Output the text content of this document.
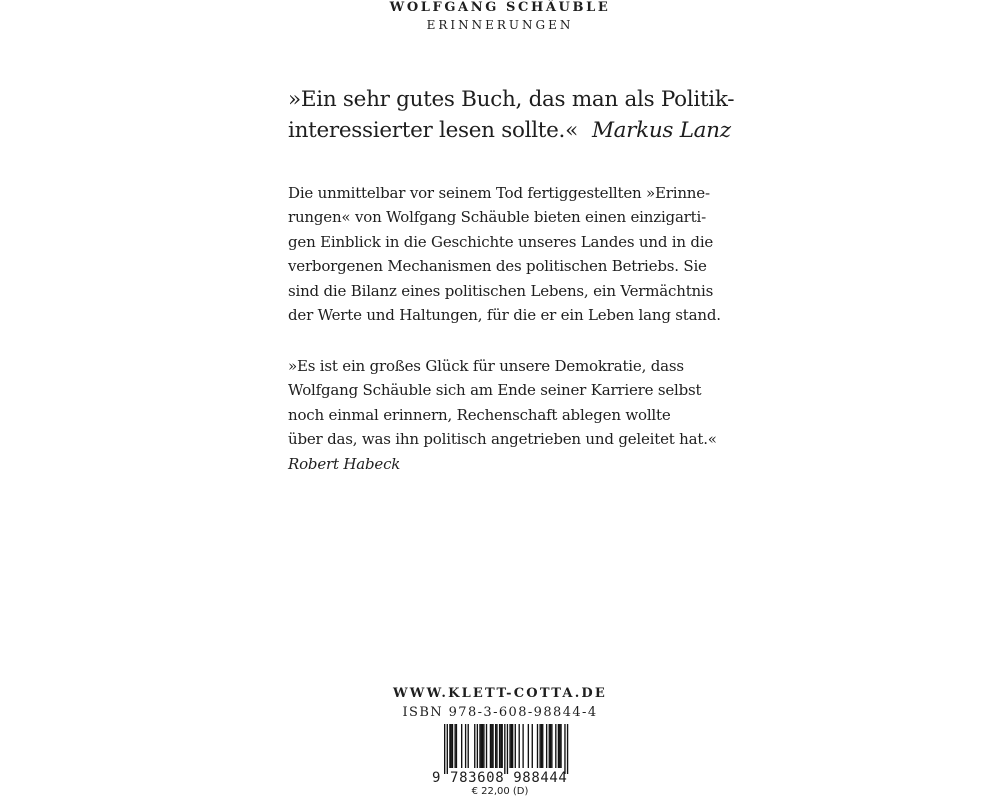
WOLFGANG SCHÄUBLE
ERINNERUNGEN
»Ein sehr gutes Buch, das man als Politik-
interessierter lesen sollte.« Markus Lanz
Die unmittelbar vor seinem Tod fertiggestellten »Erinne-
rungen« von Wolfgang Schäuble bieten einen einzigarti-
gen Einblick in die Geschichte unseres Landes und in die
verborgenen Mechanismen des politischen Betriebs. Sie
sind die Bilanz eines politischen Lebens, ein Vermächtnis
der Werte und Haltungen, für die er ein Leben lang stand.
»Es ist ein großes Glück für unsere Demokratie, dass
Wolfgang Schäuble sich am Ende seiner Karriere selbst
noch einmal erinnern, Rechenschaft ablegen wollte
über das, was ihn politisch angetrieben und geleitet hat.«
Robert Habeck
WWW.KLETT-COTTA.DE
ISBN 978-3-608-98844-4
9 783608 988444
€ 22,00 (D)
